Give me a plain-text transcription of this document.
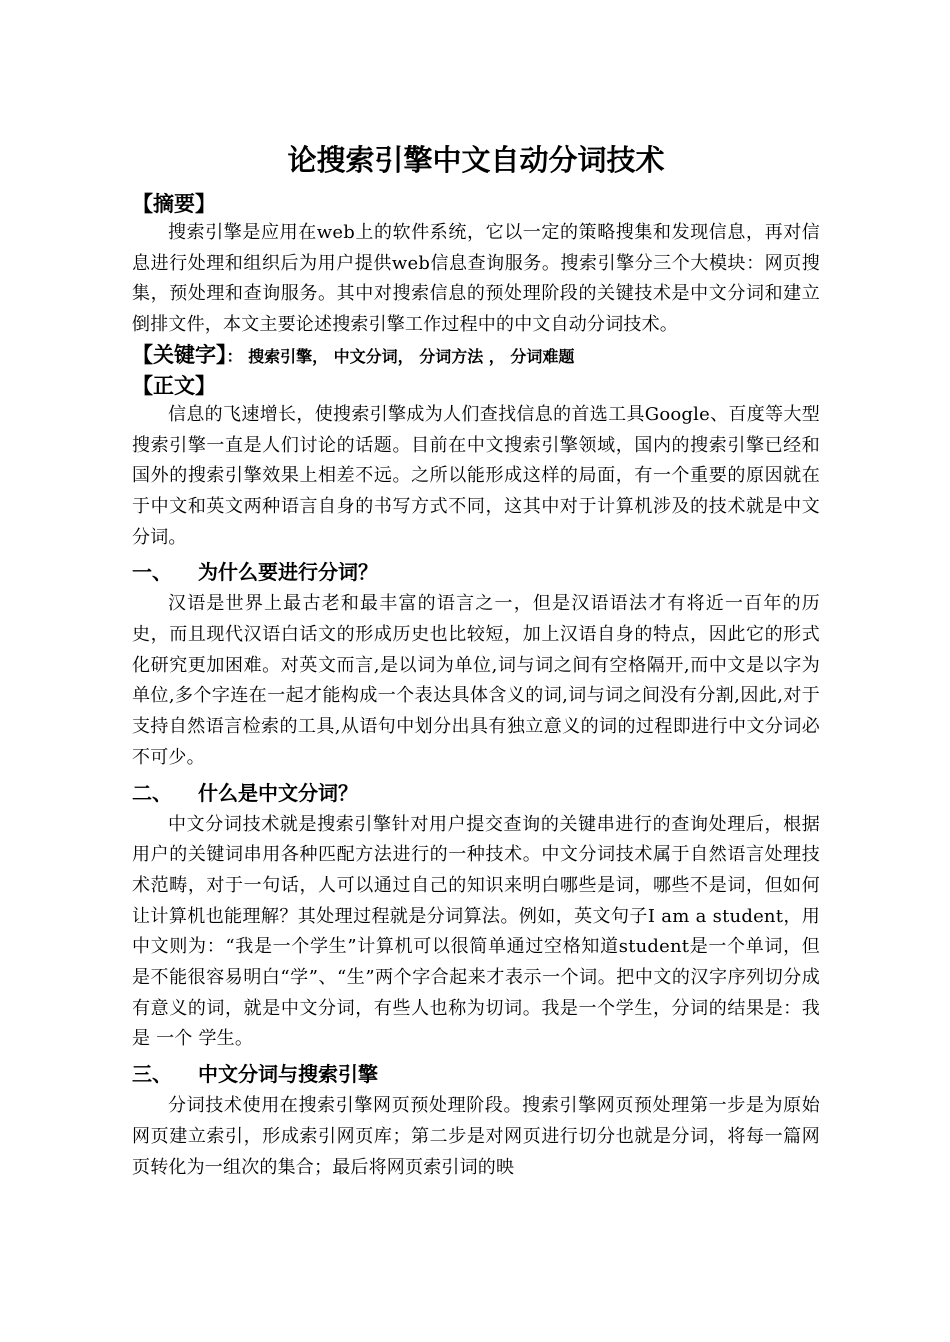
论搜索引擎中文自动分词技术

【摘要】

搜索引擎是应用在web上的软件系统，它以一定的策略搜集和发现信息，再对信息进行处理和组织后为用户提供web信息查询服务。搜索引擎分三个大模块：网页搜集，预处理和查询服务。其中对搜索信息的预处理阶段的关键技术是中文分词和建立倒排文件，本文主要论述搜索引擎工作过程中的中文自动分词技术。

【关键字】： 搜索引擎， 中文分词， 分词方法 ， 分词难题

【正文】

信息的飞速增长，使搜索引擎成为人们查找信息的首选工具Google、百度等大型搜索引擎一直是人们讨论的话题。目前在中文搜索引擎领域，国内的搜索引擎已经和国外的搜索引擎效果上相差不远。之所以能形成这样的局面，有一个重要的原因就在于中文和英文两种语言自身的书写方式不同，这其中对于计算机涉及的技术就是中文分词。

一、 为什么要进行分词？

汉语是世界上最古老和最丰富的语言之一，但是汉语语法才有将近一百年的历史，而且现代汉语白话文的形成历史也比较短，加上汉语自身的特点，因此它的形式化研究更加困难。对英文而言,是以词为单位,词与词之间有空格隔开,而中文是以字为单位,多个字连在一起才能构成一个表达具体含义的词,词与词之间没有分割,因此,对于支持自然语言检索的工具,从语句中划分出具有独立意义的词的过程即进行中文分词必不可少。

二、 什么是中文分词？

中文分词技术就是搜索引擎针对用户提交查询的关键串进行的查询处理后，根据用户的关键词串用各种匹配方法进行的一种技术。中文分词技术属于自然语言处理技术范畴，对于一句话，人可以通过自己的知识来明白哪些是词，哪些不是词，但如何让计算机也能理解？其处理过程就是分词算法。例如，英文句子I am a student，用中文则为：“我是一个学生”计算机可以很简单通过空格知道student是一个单词，但是不能很容易明白“学”、“生”两个字合起来才表示一个词。把中文的汉字序列切分成有意义的词，就是中文分词，有些人也称为切词。我是一个学生，分词的结果是：我 是 一个 学生。

三、 中文分词与搜索引擎

分词技术使用在搜索引擎网页预处理阶段。搜索引擎网页预处理第一步是为原始网页建立索引，形成索引网页库；第二步是对网页进行切分也就是分词，将每一篇网页转化为一组次的集合；最后将网页索引词的映
